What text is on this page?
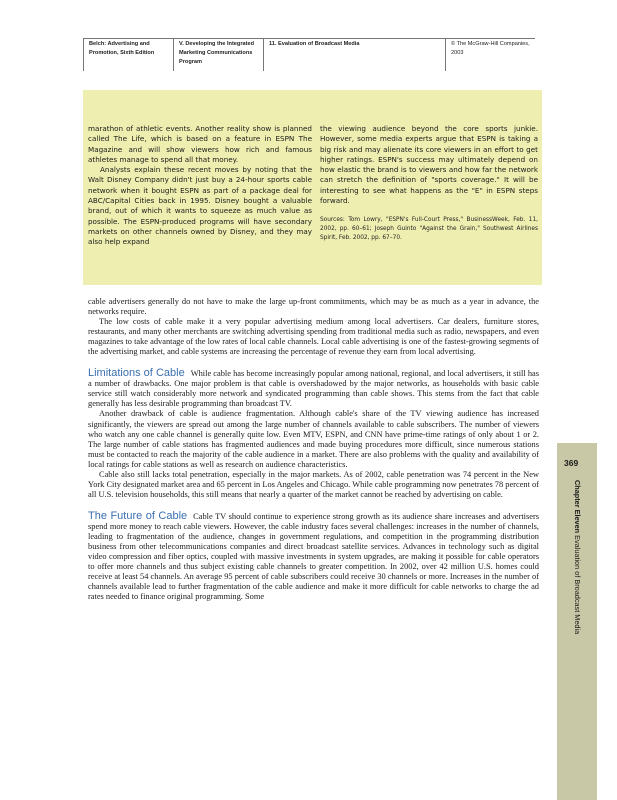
Belch: Advertising and Promotion, Sixth Edition
V. Developing the Integrated Marketing Communications Program
11. Evaluation of Broadcast Media	© The McGraw-Hill Companies, 2003

marathon of athletic events. Another reality show is planned called The Life, which is based on a feature in ESPN The Magazine and will show viewers how rich and famous athletes manage to spend all that money.

Analysts explain these recent moves by noting that the Walt Disney Company didn't just buy a 24-hour sports cable network when it bought ESPN as part of a package deal for ABC/Capital Cities back in 1995. Disney bought a valuable brand, out of which it wants to squeeze as much value as possible. The ESPN-produced programs will have secondary markets on other channels owned by Disney, and they may also help expand

the viewing audience beyond the core sports junkie. However, some media experts argue that ESPN is taking a big risk and may alienate its core viewers in an effort to get higher ratings. ESPN's success may ultimately depend on how elastic the brand is to viewers and how far the network can stretch the definition of "sports coverage." It will be interesting to see what happens as the "E" in ESPN steps forward.

Sources: Tom Lowry, "ESPN's Full-Court Press," BusinessWeek, Feb. 11, 2002, pp. 60–61; Joseph Guinto "Against the Grain," Southwest Airlines Spirit, Feb. 2002, pp. 67–70.

cable advertisers generally do not have to make the large up-front commitments, which may be as much as a year in advance, the networks require.

The low costs of cable make it a very popular advertising medium among local advertisers. Car dealers, furniture stores, restaurants, and many other merchants are switching advertising spending from traditional media such as radio, newspapers, and even magazines to take advantage of the low rates of local cable channels. Local cable advertising is one of the fastest-growing segments of the advertising market, and cable systems are increasing the percentage of revenue they earn from local advertising.

Limitations of Cable While cable has become increasingly popular among national, regional, and local advertisers, it still has a number of drawbacks. One major problem is that cable is overshadowed by the major networks, as households with basic cable service still watch considerably more network and syndicated programming than cable shows. This stems from the fact that cable generally has less desirable programming than broadcast TV.

Another drawback of cable is audience fragmentation. Although cable's share of the TV viewing audience has increased significantly, the viewers are spread out among the large number of channels available to cable subscribers. The number of viewers who watch any one cable channel is generally quite low. Even MTV, ESPN, and CNN have prime-time ratings of only about 1 or 2. The large number of cable stations has fragmented audiences and made buying procedures more difficult, since numerous stations must be contacted to reach the majority of the cable audience in a market. There are also problems with the quality and availability of local ratings for cable stations as well as research on audience characteristics.

Cable also still lacks total penetration, especially in the major markets. As of 2002, cable penetration was 74 percent in the New York City designated market area and 65 percent in Los Angeles and Chicago. While cable programming now penetrates 78 percent of all U.S. television households, this still means that nearly a quarter of the market cannot be reached by advertising on cable.

The Future of Cable Cable TV should continue to experience strong growth as its audience share increases and advertisers spend more money to reach cable viewers. However, the cable industry faces several challenges: increases in the number of channels, leading to fragmentation of the audience, changes in government regulations, and competition in the programming distribution business from other telecommunications companies and direct broadcast satellite services. Advances in technology such as digital video compression and fiber optics, coupled with massive investments in system upgrades, are making it possible for cable operators to offer more channels and thus subject existing cable channels to greater competition. In 2002, over 42 million U.S. homes could receive at least 54 channels. An average 95 percent of cable subscribers could receive 30 channels or more. Increases in the number of channels available lead to further fragmentation of the cable audience and make it more difficult for cable networks to charge the ad rates needed to finance original programming. Some

369
Chapter Eleven Evaluation of Broadcast Media
